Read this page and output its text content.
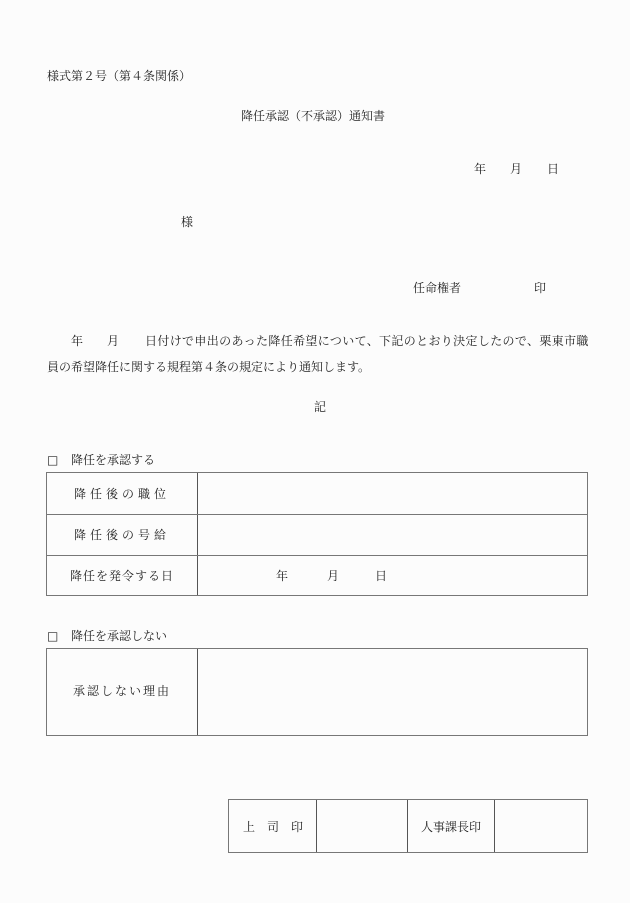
様式第２号（第４条関係）
降任承認（不承認）通知書
年 月 日
様
任命権者	印
年 月 日付けで申出のあった降任希望について、下記のとおり決定したので、栗東市職
員の希望降任に関する規程第４条の規定により通知します。
記
□ 降任を承認する
降任後の職位
降任後の号給
降任を発令する日	年	月	日
□ 降任を承認しない
承認しない理由
上　司　印	人事課長印
